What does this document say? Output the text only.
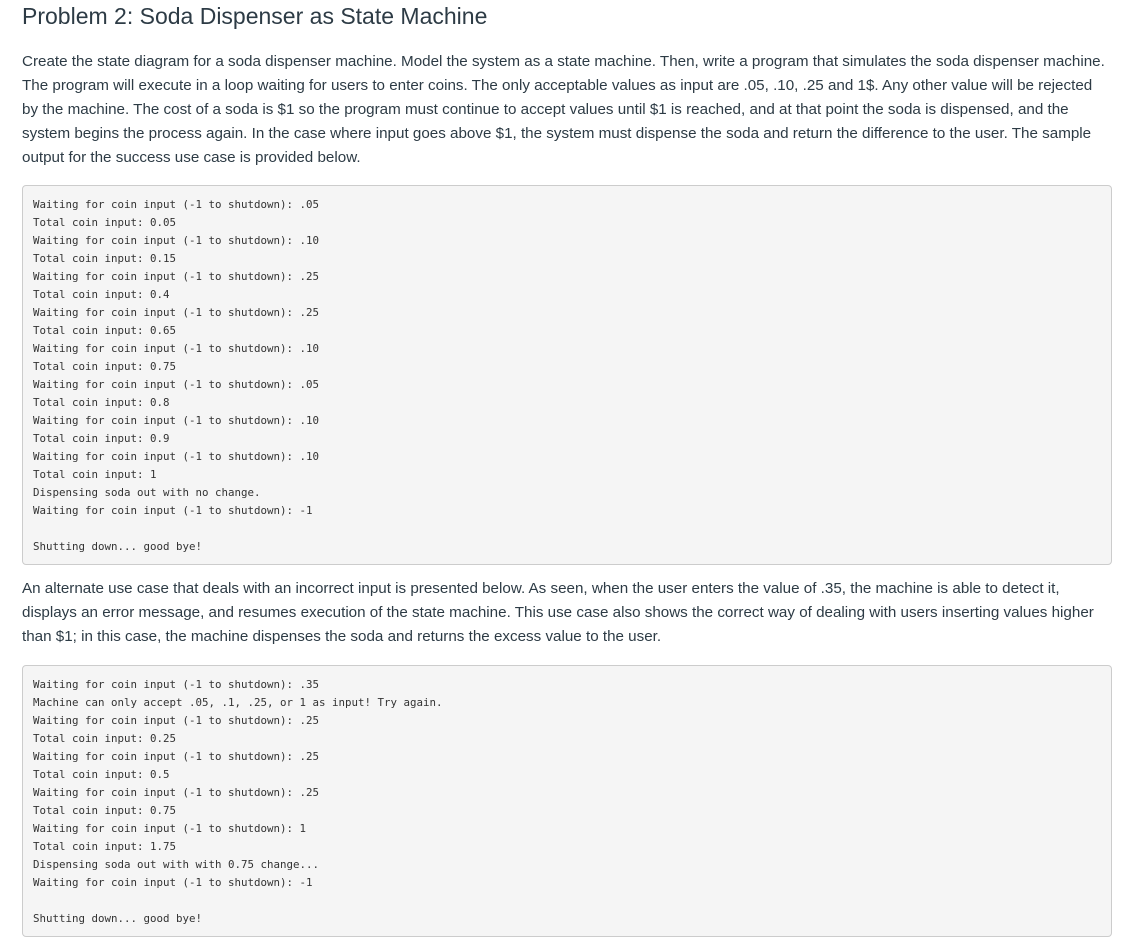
Problem 2: Soda Dispenser as State Machine

Create the state diagram for a soda dispenser machine. Model the system as a state machine. Then, write a program that simulates the soda dispenser machine. The program will execute in a loop waiting for users to enter coins. The only acceptable values as input are .05, .10, .25 and 1$. Any other value will be rejected by the machine. The cost of a soda is $1 so the program must continue to accept values until $1 is reached, and at that point the soda is dispensed, and the system begins the process again. In the case where input goes above $1, the system must dispense the soda and return the difference to the user. The sample output for the success use case is provided below.

Waiting for coin input (-1 to shutdown): .05
Total coin input: 0.05
Waiting for coin input (-1 to shutdown): .10
Total coin input: 0.15
Waiting for coin input (-1 to shutdown): .25
Total coin input: 0.4
Waiting for coin input (-1 to shutdown): .25
Total coin input: 0.65
Waiting for coin input (-1 to shutdown): .10
Total coin input: 0.75
Waiting for coin input (-1 to shutdown): .05
Total coin input: 0.8
Waiting for coin input (-1 to shutdown): .10
Total coin input: 0.9
Waiting for coin input (-1 to shutdown): .10
Total coin input: 1
Dispensing soda out with no change.
Waiting for coin input (-1 to shutdown): -1

Shutting down... good bye!

An alternate use case that deals with an incorrect input is presented below. As seen, when the user enters the value of .35, the machine is able to detect it, displays an error message, and resumes execution of the state machine. This use case also shows the correct way of dealing with users inserting values higher than $1; in this case, the machine dispenses the soda and returns the excess value to the user.

Waiting for coin input (-1 to shutdown): .35
Machine can only accept .05, .1, .25, or 1 as input! Try again.
Waiting for coin input (-1 to shutdown): .25
Total coin input: 0.25
Waiting for coin input (-1 to shutdown): .25
Total coin input: 0.5
Waiting for coin input (-1 to shutdown): .25
Total coin input: 0.75
Waiting for coin input (-1 to shutdown): 1
Total coin input: 1.75
Dispensing soda out with with 0.75 change...
Waiting for coin input (-1 to shutdown): -1

Shutting down... good bye!
